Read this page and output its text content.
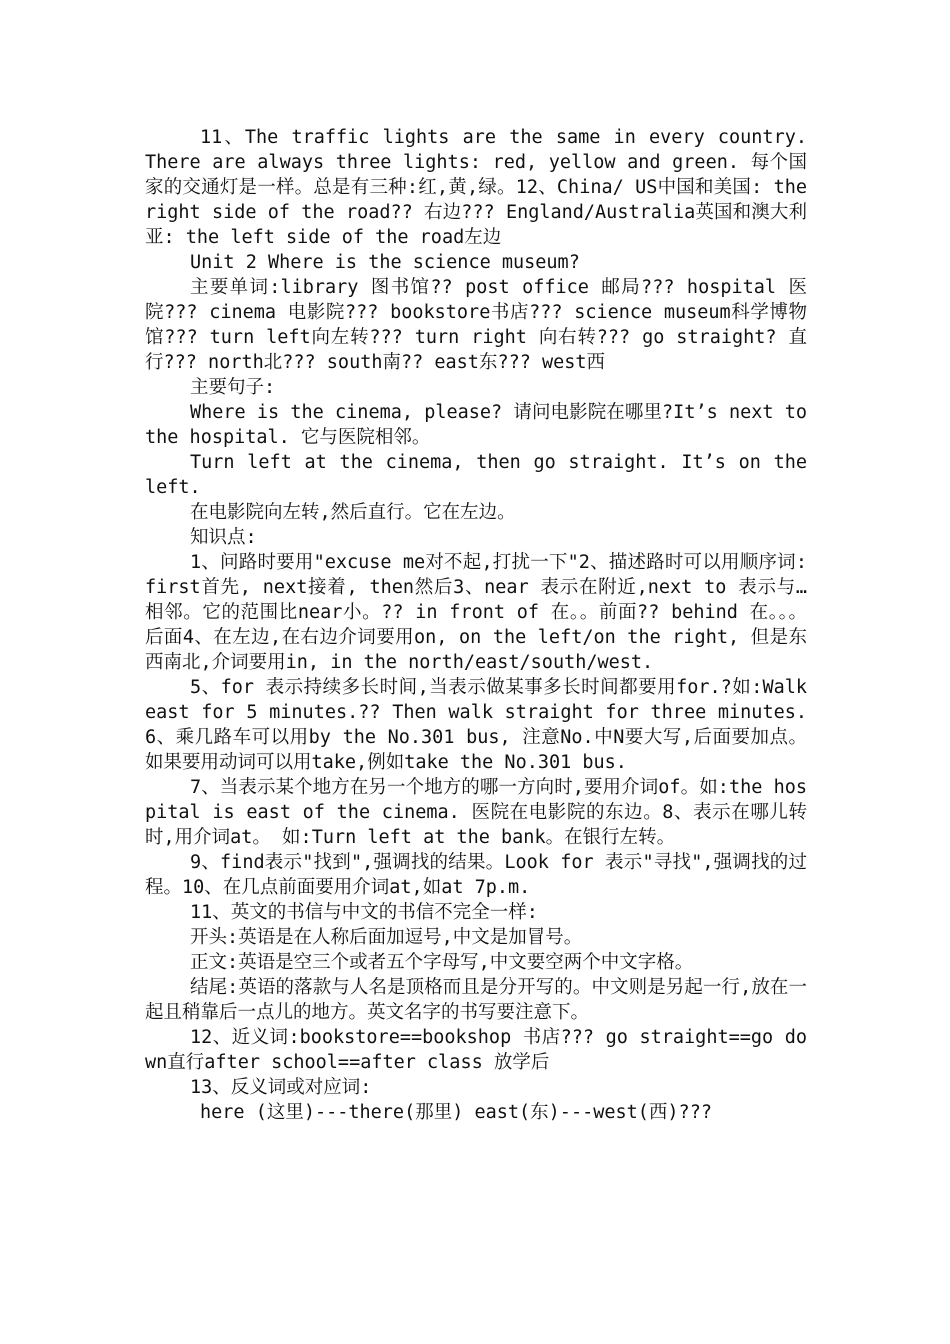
11、The traffic lights are the same in every country. There are always three lights: red, yellow and green. 每个国家的交通灯是一样。总是有三种:红,黄,绿。12、China/ US中国和美国: the right side of the road?? 右边??? England/Australia英国和澳大利亚: the left side of the road左边

Unit 2 Where is the science museum?

主要单词:library 图书馆?? post office 邮局??? hospital 医院??? cinema 电影院??? bookstore书店??? science museum科学博物馆??? turn left向左转??? turn right 向右转??? go straight? 直行??? north北??? south南?? east东??? west西

主要句子:

Where is the cinema, please? 请问电影院在哪里?It’s next to the hospital. 它与医院相邻。

Turn left at the cinema, then go straight. It’s on the left.

在电影院向左转,然后直行。它在左边。

知识点:

1、问路时要用"excuse me对不起,打扰一下"2、描述路时可以用顺序词: first首先, next接着, then然后3、near 表示在附近,next to 表示与…相邻。它的范围比near小。?? in front of 在。。前面?? behind 在。。。后面4、在左边,在右边介词要用on, on the left/on the right, 但是东西南北,介词要用in, in the north/east/south/west.

5、for 表示持续多长时间,当表示做某事多长时间都要用for.?如:Walk east for 5 minutes.?? Then walk straight for three minutes.6、乘几路车可以用by the No.301 bus, 注意No.中N要大写,后面要加点。如果要用动词可以用take,例如take the No.301 bus.

7、当表示某个地方在另一个地方的哪一方向时,要用介词of。如:the hospital is east of the cinema. 医院在电影院的东边。8、表示在哪儿转时,用介词at。 如:Turn left at the bank。在银行左转。

9、find表示"找到",强调找的结果。Look for 表示"寻找",强调找的过程。10、在几点前面要用介词at,如at 7p.m.

11、英文的书信与中文的书信不完全一样:

开头:英语是在人称后面加逗号,中文是加冒号。

正文:英语是空三个或者五个字母写,中文要空两个中文字格。

结尾:英语的落款与人名是顶格而且是分开写的。中文则是另起一行,放在一起且稍靠后一点儿的地方。英文名字的书写要注意下。

12、近义词:bookstore==bookshop 书店??? go straight==go down直行after school==after class 放学后

13、反义词或对应词:

here (这里)---there(那里) east(东)---west(西)???
